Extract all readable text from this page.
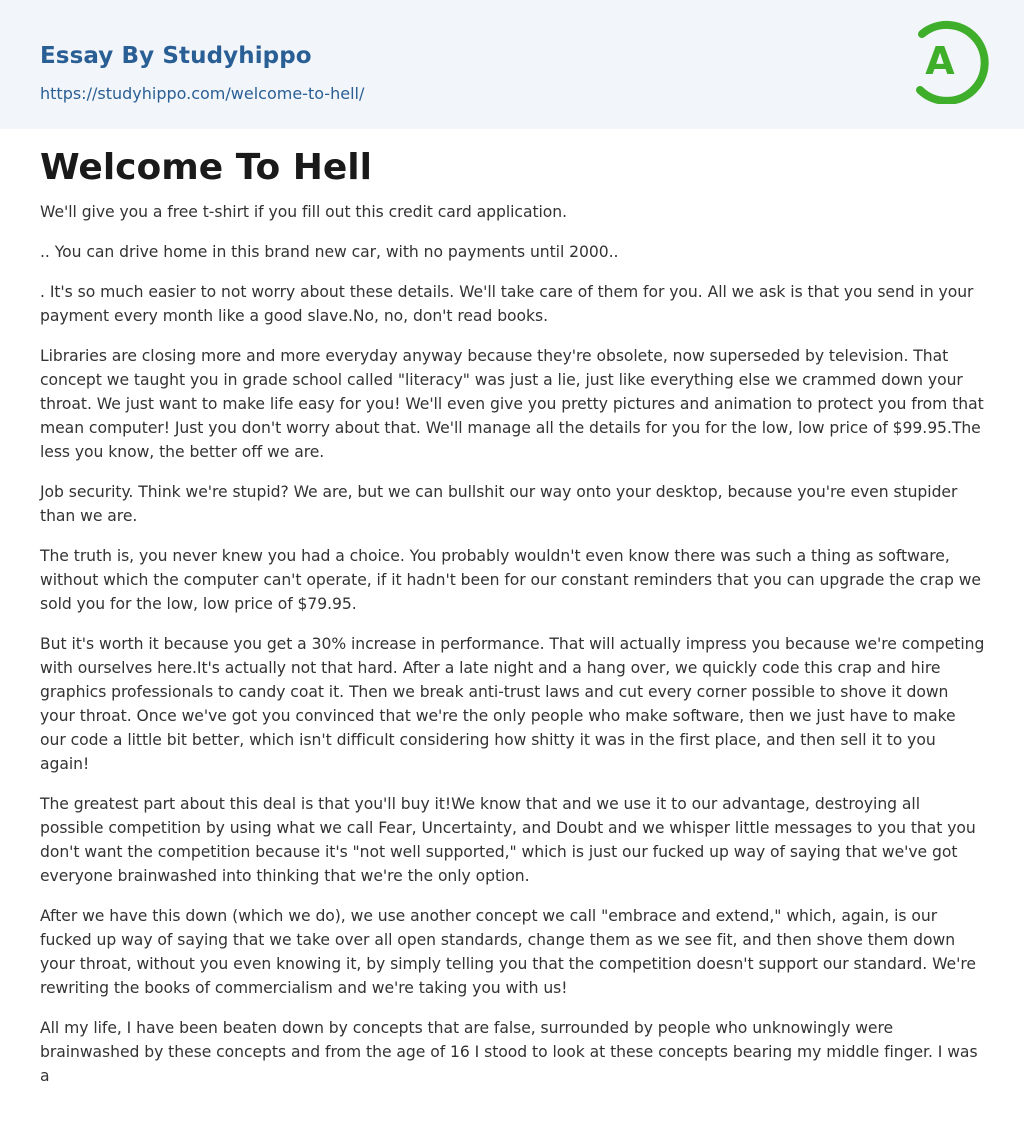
Essay By Studyhippo
https://studyhippo.com/welcome-to-hell/
A
Welcome To Hell

We'll give you a free t-shirt if you fill out this credit card application.

.. You can drive home in this brand new car, with no payments until 2000..

. It's so much easier to not worry about these details. We'll take care of them for you. All we ask is that you send in your payment every month like a good slave.No, no, don't read books.

Libraries are closing more and more everyday anyway because they're obsolete, now superseded by television. That concept we taught you in grade school called "literacy" was just a lie, just like everything else we crammed down your throat. We just want to make life easy for you! We'll even give you pretty pictures and animation to protect you from that mean computer! Just you don't worry about that. We'll manage all the details for you for the low, low price of $99.95.The less you know, the better off we are.

Job security. Think we're stupid? We are, but we can bullshit our way onto your desktop, because you're even stupider than we are.

The truth is, you never knew you had a choice. You probably wouldn't even know there was such a thing as software, without which the computer can't operate, if it hadn't been for our constant reminders that you can upgrade the crap we sold you for the low, low price of $79.95.

But it's worth it because you get a 30% increase in performance. That will actually impress you because we're competing with ourselves here.It's actually not that hard. After a late night and a hang over, we quickly code this crap and hire graphics professionals to candy coat it. Then we break anti-trust laws and cut every corner possible to shove it down your throat. Once we've got you convinced that we're the only people who make software, then we just have to make our code a little bit better, which isn't difficult considering how shitty it was in the first place, and then sell it to you again!

The greatest part about this deal is that you'll buy it!We know that and we use it to our advantage, destroying all possible competition by using what we call Fear, Uncertainty, and Doubt and we whisper little messages to you that you don't want the competition because it's "not well supported," which is just our fucked up way of saying that we've got everyone brainwashed into thinking that we're the only option.

After we have this down (which we do), we use another concept we call "embrace and extend," which, again, is our fucked up way of saying that we take over all open standards, change them as we see fit, and then shove them down your throat, without you even knowing it, by simply telling you that the competition doesn't support our standard. We're rewriting the books of commercialism and we're taking you with us!

All my life, I have been beaten down by concepts that are false, surrounded by people who unknowingly were brainwashed by these concepts and from the age of 16 I stood to look at these concepts bearing my middle finger. I was a
